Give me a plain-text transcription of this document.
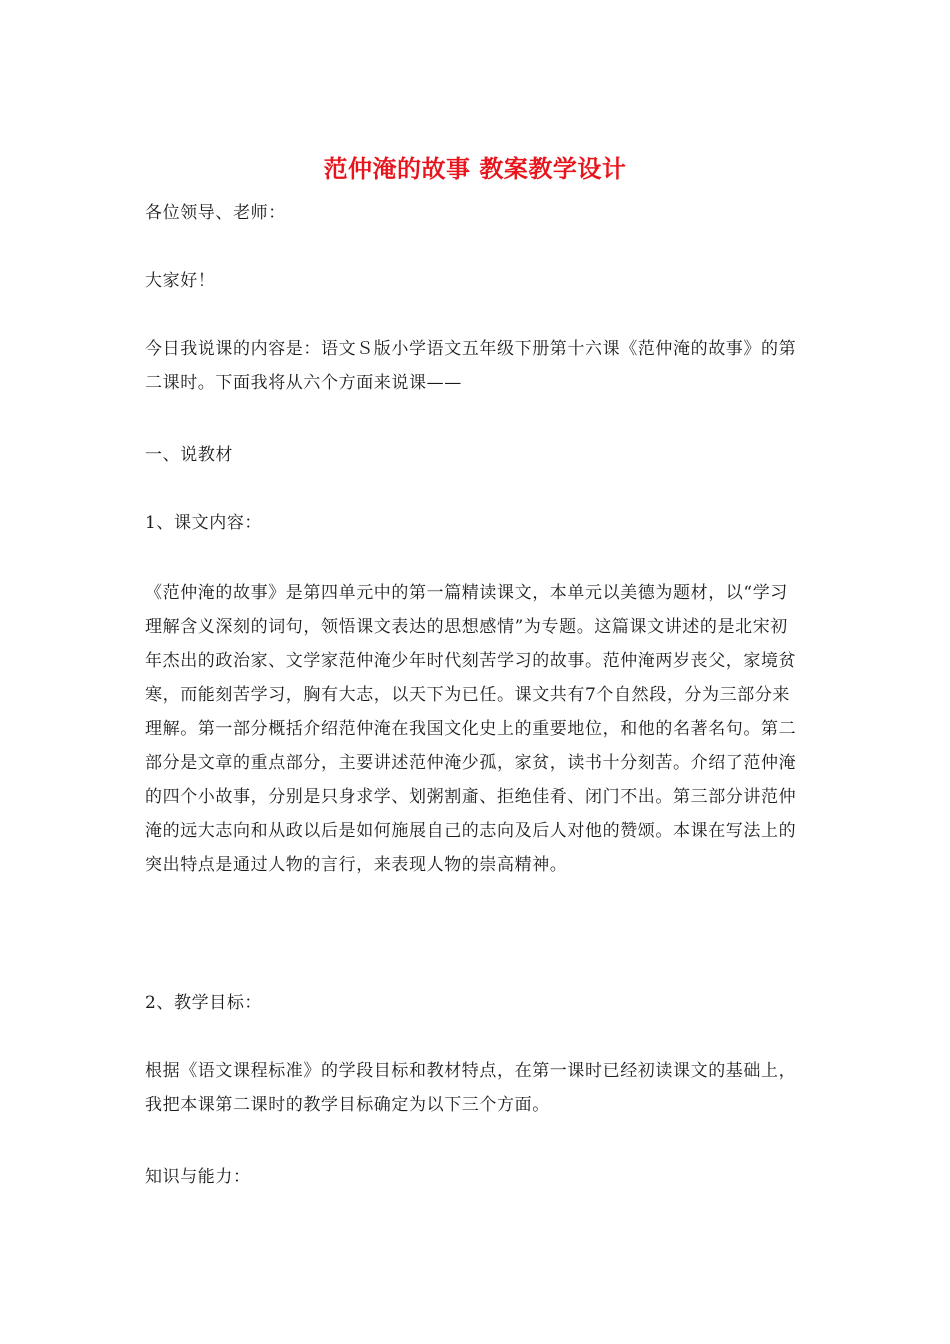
范仲淹的故事 教案教学设计

各位领导、老师：

大家好！

今日我说课的内容是：语文Ｓ版小学语文五年级下册第十六课《范仲淹的故事》的第二课时。下面我将从六个方面来说课——

一、说教材

1、课文内容：

《范仲淹的故事》是第四单元中的第一篇精读课文，本单元以美德为题材，以“学习理解含义深刻的词句，领悟课文表达的思想感情”为专题。这篇课文讲述的是北宋初年杰出的政治家、文学家范仲淹少年时代刻苦学习的故事。范仲淹两岁丧父，家境贫寒，而能刻苦学习，胸有大志，以天下为已任。课文共有7个自然段，分为三部分来理解。第一部分概括介绍范仲淹在我国文化史上的重要地位，和他的名著名句。第二部分是文章的重点部分，主要讲述范仲淹少孤，家贫，读书十分刻苦。介绍了范仲淹的四个小故事，分别是只身求学、划粥割齑、拒绝佳肴、闭门不出。第三部分讲范仲淹的远大志向和从政以后是如何施展自己的志向及后人对他的赞颂。本课在写法上的突出特点是通过人物的言行，来表现人物的崇高精神。

2、教学目标：

根据《语文课程标准》的学段目标和教材特点，在第一课时已经初读课文的基础上，我把本课第二课时的教学目标确定为以下三个方面。

知识与能力：
